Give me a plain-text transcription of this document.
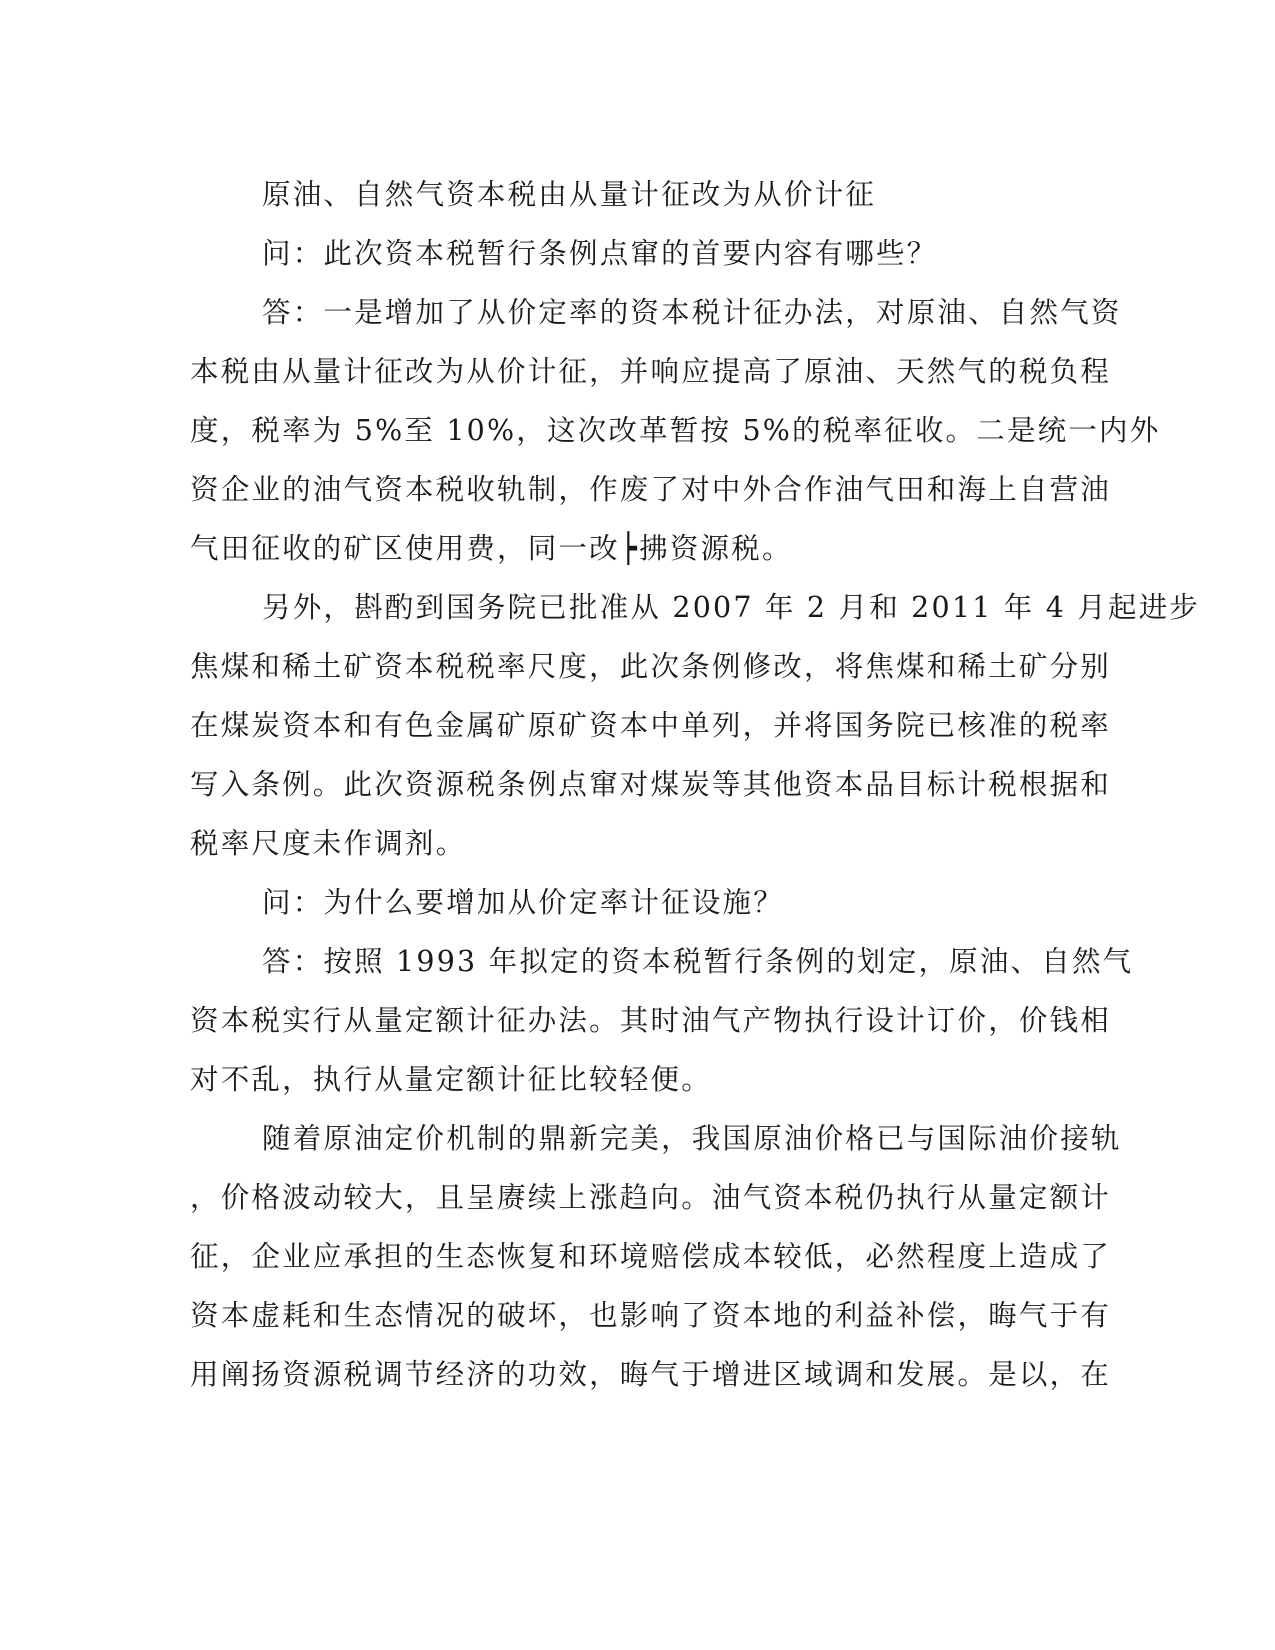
原油、自然气资本税由从量计征改为从价计征
问：此次资本税暂行条例点窜的首要内容有哪些？
答：一是增加了从价定率的资本税计征办法，对原油、自然气资
本税由从量计征改为从价计征，并响应提高了原油、天然气的税负程
度，税率为 5%至 10%，这次改革暂按 5%的税率征收。二是统一内外
资企业的油气资本税收轨制，作废了对中外合作油气田和海上自营油
气田征收的矿区使用费，同一改┝拂资源税。
另外，斟酌到国务院已批准从 2007 年 2 月和 2011 年 4 月起进步
焦煤和稀土矿资本税税率尺度，此次条例修改，将焦煤和稀土矿分别
在煤炭资本和有色金属矿原矿资本中单列，并将国务院已核准的税率
写入条例。此次资源税条例点窜对煤炭等其他资本品目标计税根据和
税率尺度未作调剂。
问：为什么要增加从价定率计征设施？
答：按照 1993 年拟定的资本税暂行条例的划定，原油、自然气
资本税实行从量定额计征办法。其时油气产物执行设计订价，价钱相
对不乱，执行从量定额计征比较轻便。
随着原油定价机制的鼎新完美，我国原油价格已与国际油价接轨
，价格波动较大，且呈赓续上涨趋向。油气资本税仍执行从量定额计
征，企业应承担的生态恢复和环境赔偿成本较低，必然程度上造成了
资本虚耗和生态情况的破坏，也影响了资本地的利益补偿，晦气于有
用阐扬资源税调节经济的功效，晦气于增进区域调和发展。是以，在
